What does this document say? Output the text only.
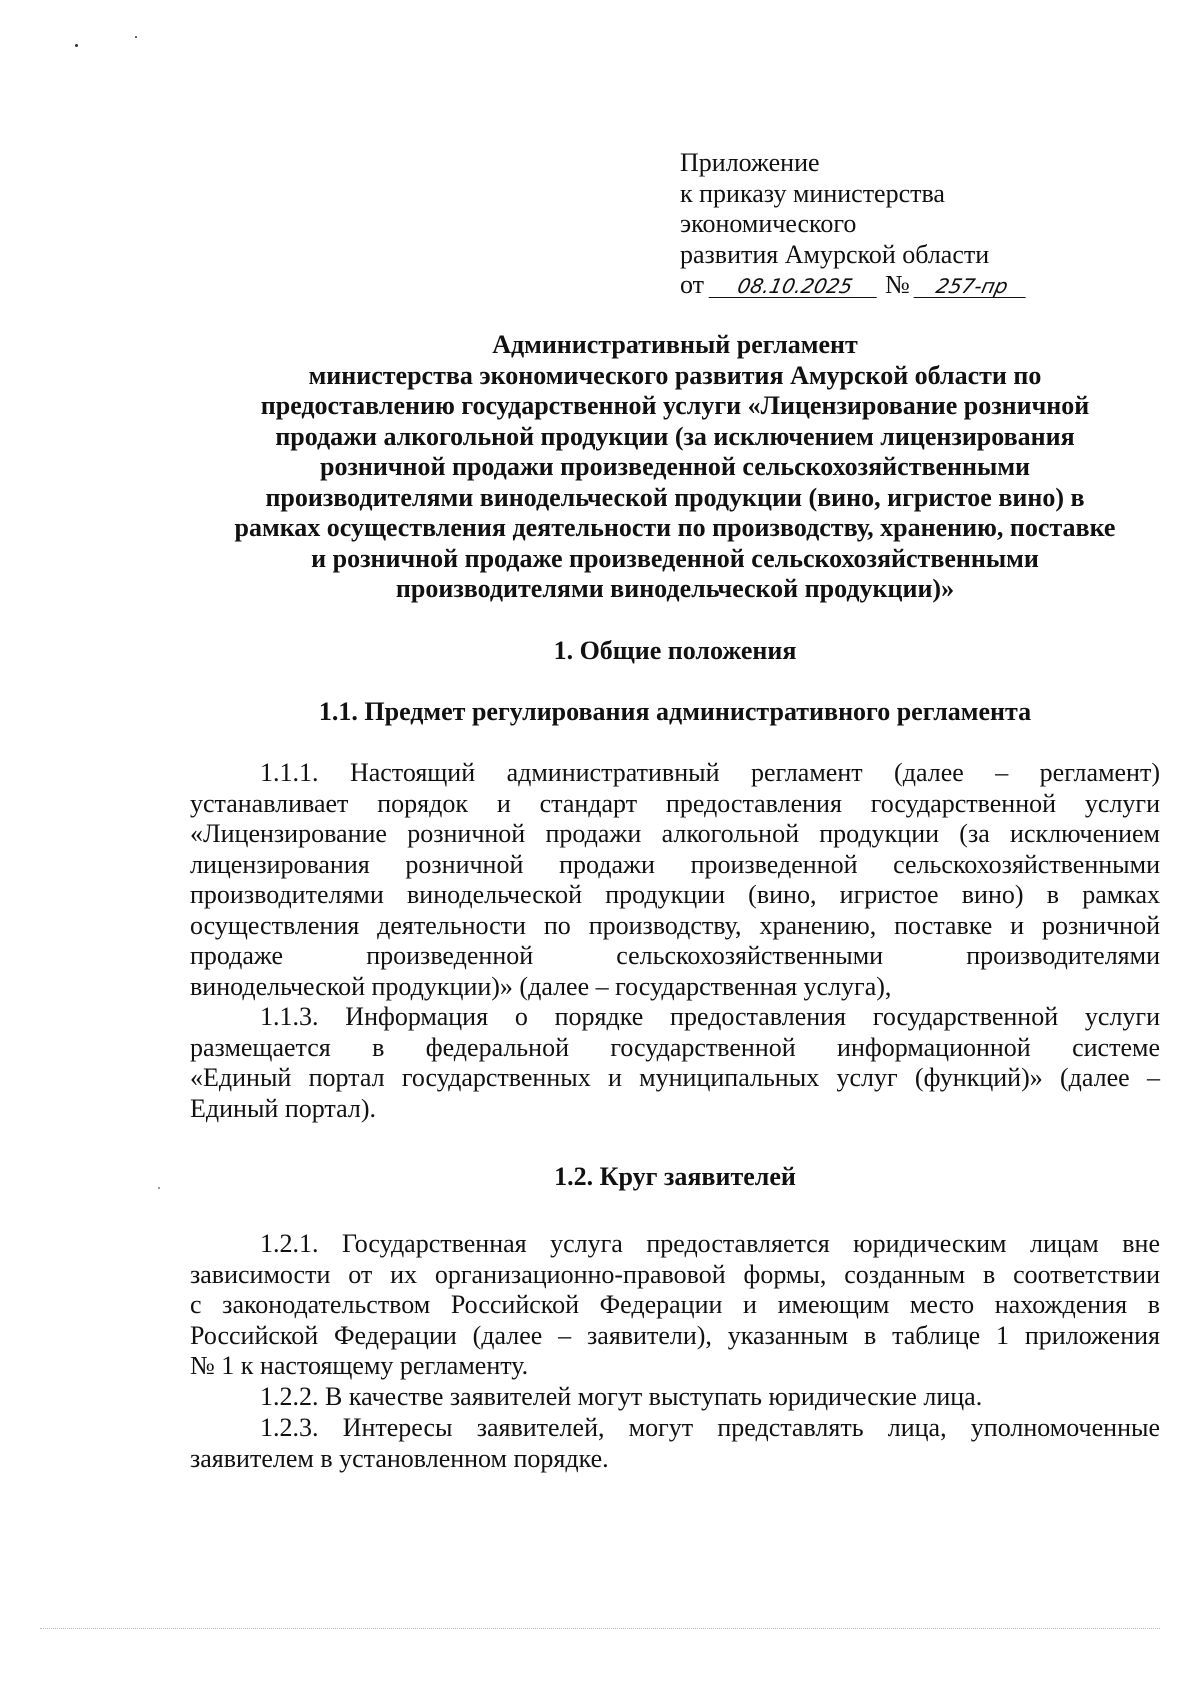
Приложение
к приказу министерства
экономического
развития Амурской области
от 08.10.2025 № 257-пр
Административный регламент
министерства экономического развития Амурской области по
предоставлению государственной услуги «Лицензирование розничной
продажи алкогольной продукции (за исключением лицензирования
розничной продажи произведенной сельскохозяйственными
производителями винодельческой продукции (вино, игристое вино) в
рамках осуществления деятельности по производству, хранению, поставке
и розничной продаже произведенной сельскохозяйственными
производителями винодельческой продукции)»
1. Общие положения
1.1. Предмет регулирования административного регламента
1.1.1. Настоящий административный регламент (далее – регламент)
устанавливает порядок и стандарт предоставления государственной услуги
«Лицензирование розничной продажи алкогольной продукции (за исключением
лицензирования розничной продажи произведенной сельскохозяйственными
производителями винодельческой продукции (вино, игристое вино) в рамках
осуществления деятельности по производству, хранению, поставке и розничной
продаже произведенной сельскохозяйственными производителями
винодельческой продукции)» (далее – государственная услуга),
1.1.3. Информация о порядке предоставления государственной услуги
размещается в федеральной государственной информационной системе
«Единый портал государственных и муниципальных услуг (функций)» (далее –
Единый портал).
1.2. Круг заявителей
1.2.1. Государственная услуга предоставляется юридическим лицам вне
зависимости от их организационно-правовой формы, созданным в соответствии
с законодательством Российской Федерации и имеющим место нахождения в
Российской Федерации (далее – заявители), указанным в таблице 1 приложения
№ 1 к настоящему регламенту.
1.2.2. В качестве заявителей могут выступать юридические лица.
1.2.3. Интересы заявителей, могут представлять лица, уполномоченные
заявителем в установленном порядке.
